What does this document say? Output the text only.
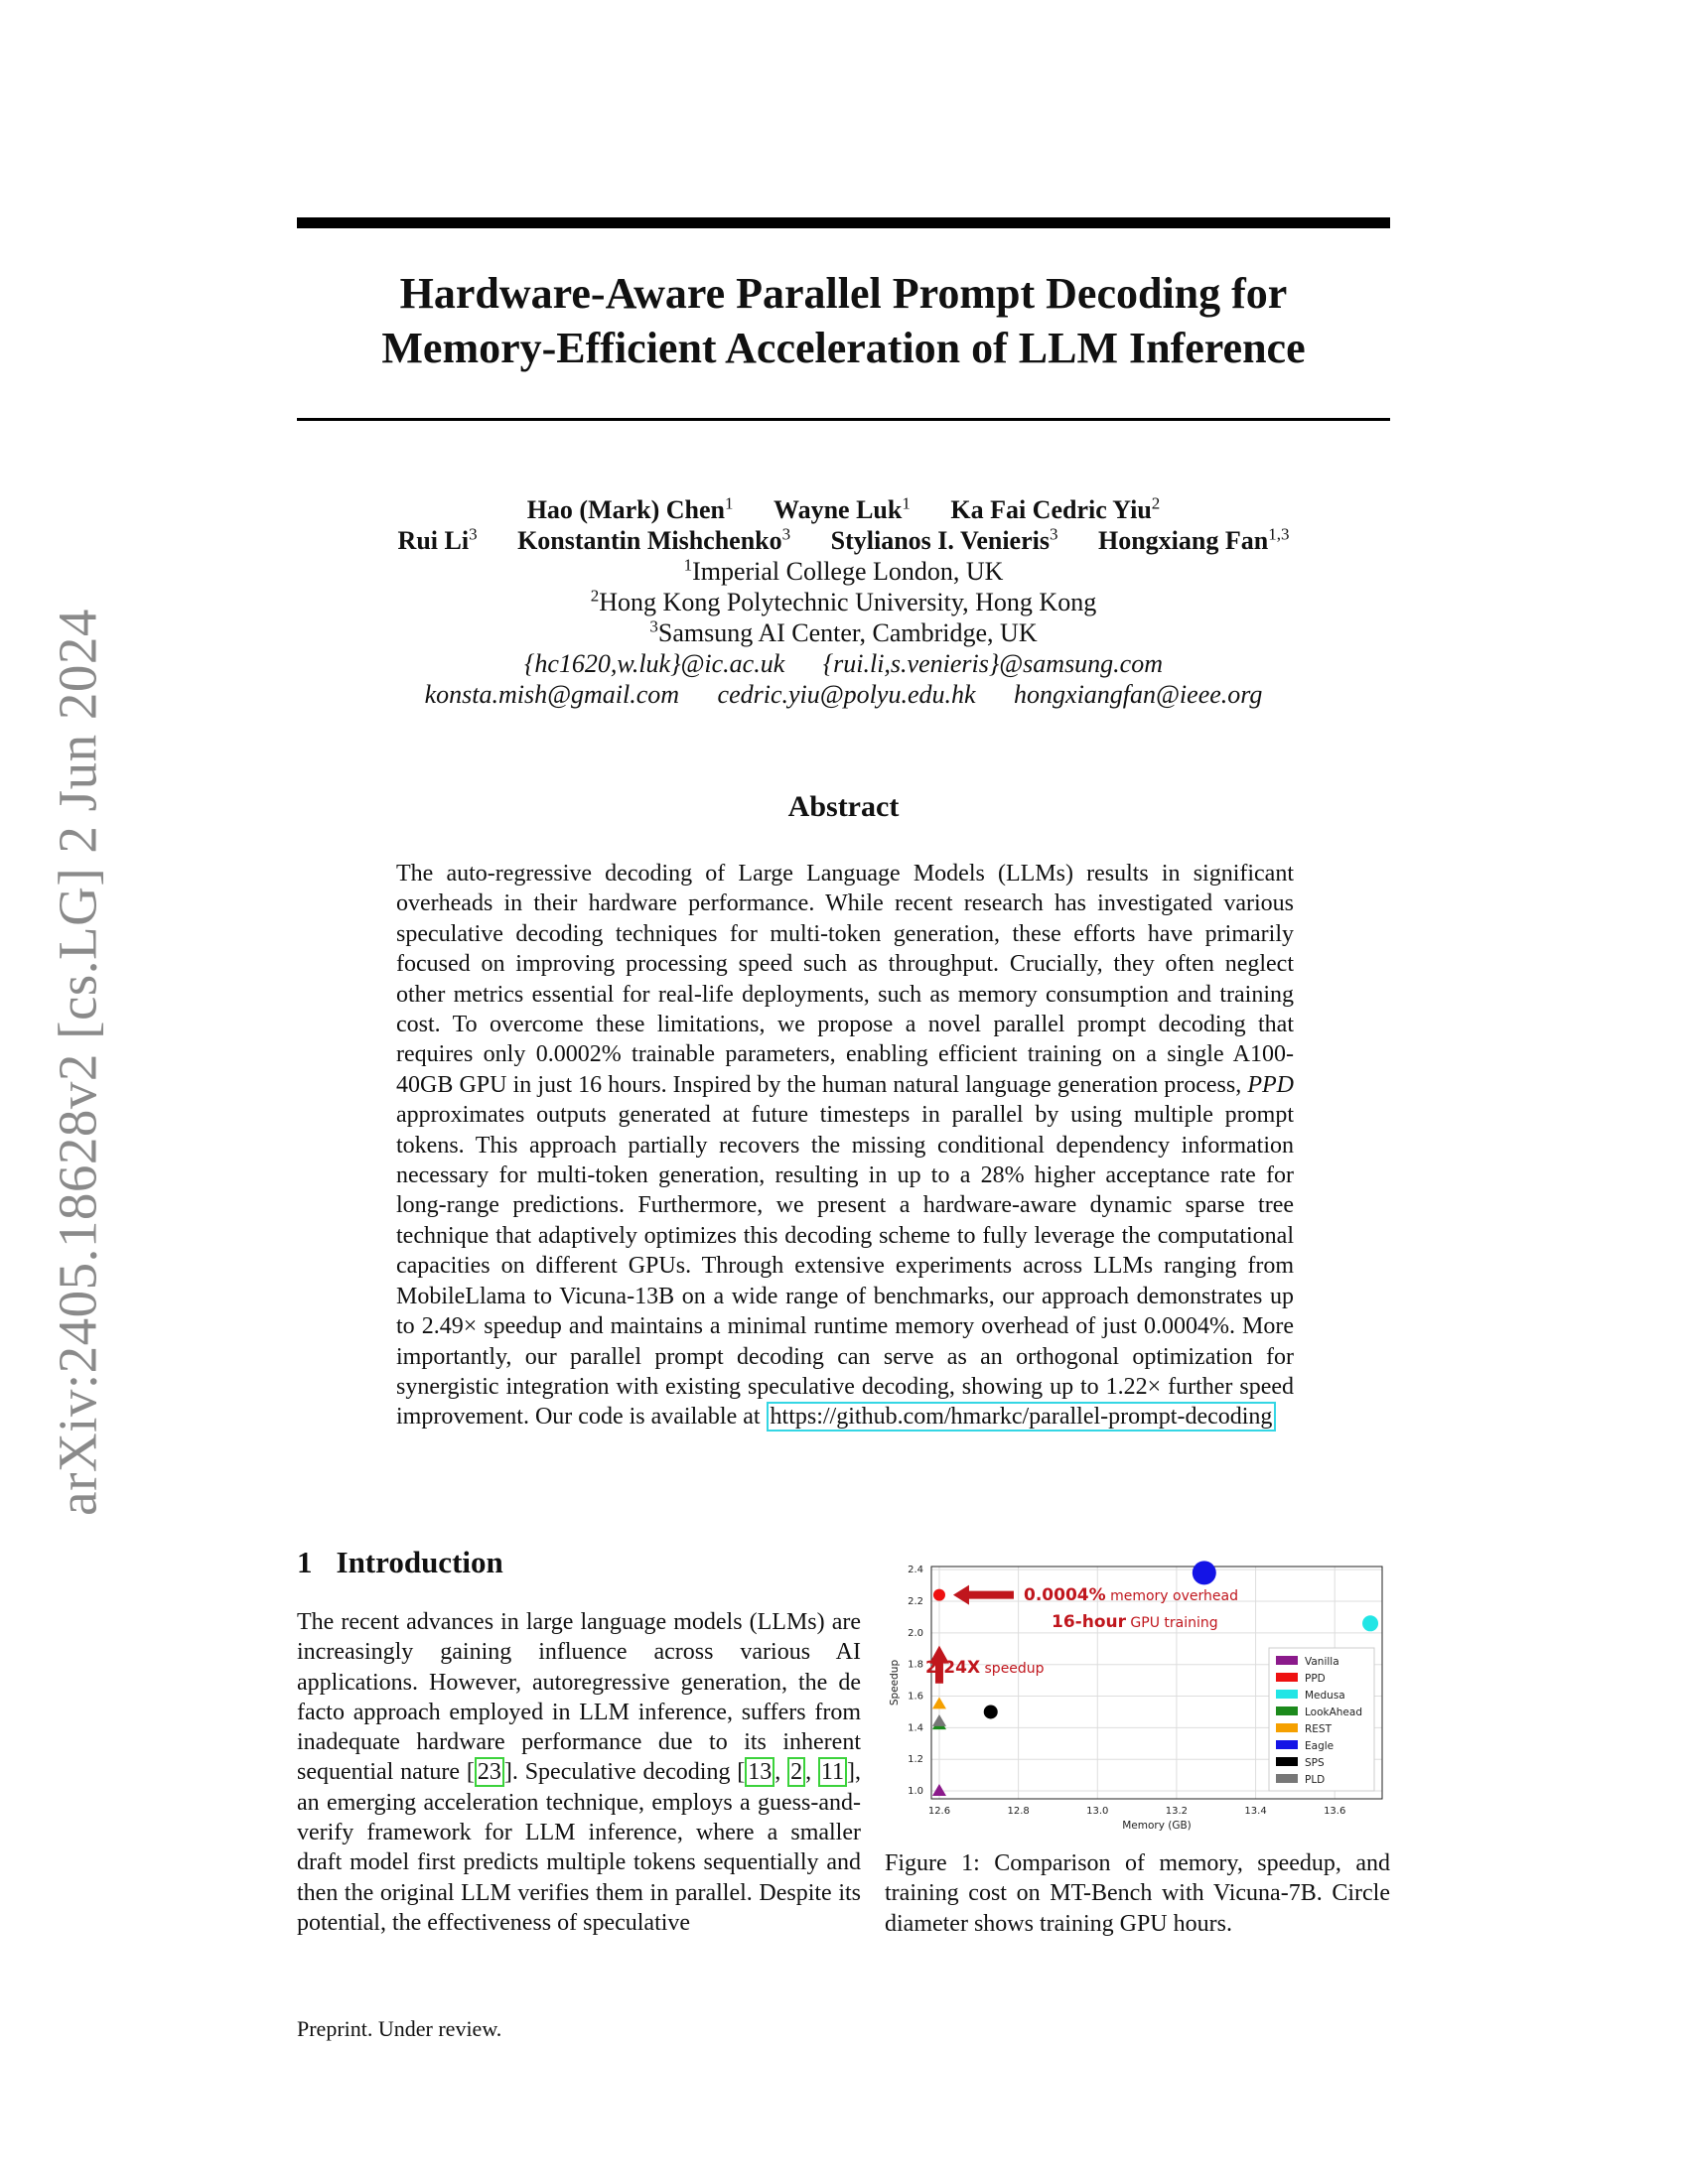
arXiv:2405.18628v2 [cs.LG] 2 Jun 2024
Hardware-Aware Parallel Prompt Decoding for
Memory-Efficient Acceleration of LLM Inference
Hao (Mark) Chen$^1$ Wayne Luk$^1$ Ka Fai Cedric Yiu$^2$
Rui Li$^3$ Konstantin Mishchenko$^3$ Stylianos I. Venieris$^3$ Hongxiang Fan$^{1,3}$
$^1$Imperial College London, UK
$^2$Hong Kong Polytechnic University, Hong Kong
$^3$Samsung AI Center, Cambridge, UK
{hc1620,w.luk}@ic.ac.uk {rui.li,s.venieris}@samsung.com
konsta.mish@gmail.com cedric.yiu@polyu.edu.hk hongxiangfan@ieee.org
Abstract

The auto-regressive decoding of Large Language Models (LLMs) results in significant overheads in their hardware performance. While recent research has investigated various speculative decoding techniques for multi-token generation, these efforts have primarily focused on improving processing speed such as throughput. Crucially, they often neglect other metrics essential for real-life deployments, such as memory consumption and training cost. To overcome these limitations, we propose a novel parallel prompt decoding that requires only 0.0002% trainable parameters, enabling efficient training on a single A100-40GB GPU in just 16 hours. Inspired by the human natural language generation process, PPD approximates outputs generated at future timesteps in parallel by using multiple prompt tokens. This approach partially recovers the missing conditional dependency information necessary for multi-token generation, resulting in up to a 28% higher acceptance rate for long-range predictions. Furthermore, we present a hardware-aware dynamic sparse tree technique that adaptively optimizes this decoding scheme to fully leverage the computational capacities on different GPUs. Through extensive experiments across LLMs ranging from MobileLlama to Vicuna-13B on a wide range of benchmarks, our approach demonstrates up to 2.49× speedup and maintains a minimal runtime memory overhead of just 0.0004%. More importantly, our parallel prompt decoding can serve as an orthogonal optimization for synergistic integration with existing speculative decoding, showing up to 1.22× further speed improvement. Our code is available at https://github.com/hmarkc/parallel-prompt-decoding

1 Introduction

The recent advances in large language models (LLMs) are increasingly gaining influence across various AI applications. However, autoregressive generation, the de facto approach employed in LLM inference, suffers from inadequate hardware performance due to its inherent sequential nature [ 23 ]. Speculative decoding [ 13 , 2 , 11 ], an emerging acceleration technique, employs a guess-and-verify framework for LLM inference, where a smaller draft model first predicts multiple tokens sequentially and then the original LLM verifies them in parallel. Despite its potential, the effectiveness of speculative

12.6	12.8	13.0	13.2	13.4	13.6
1.0
1.2
1.4
1.6
1.8
2.0
2.2
2.4
Memory (GB)
Speedup
0.0004% memory overhead
16-hour GPU training
2.24X speedup	Vanilla
PPD
Medusa
LookAhead
REST
Eagle
SPS
PLD

Figure 1: Comparison of memory, speedup, and training cost on MT-Bench with Vicuna-7B. Circle diameter shows training GPU hours.

Preprint. Under review.
